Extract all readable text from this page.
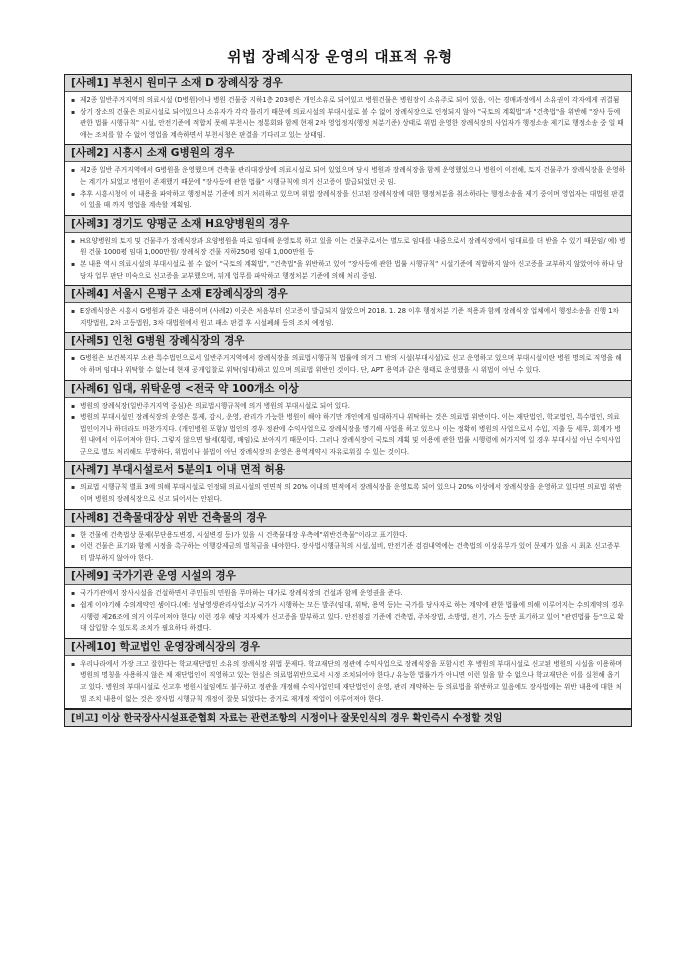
위법 장례식장 운영의 대표적 유형
[사례1] 부천시 원미구 소재 D 장례식장 경우
▪ 제2종 일반주거지역의 의료시설 (D병원)이나 병원 건물중 지하1층 203평은 개인소유로 되어있고 병원건물은 병원장이 소유주로 되어 있음, 이는 경매과정에서 소유권이 각자에게 귀결됨
▪ 상기 장소의 건물은 의료시설로 되어있으나 소유자가 각각 틀리기 때문에 의료시설의 부대시설로 볼 수 없어 장례식장으로 인정되지 않아 "국토의 계획법"과 "건축법"을 위반해 "장사 등에 관한 법률 시행규칙" 시설, 안전기준에 적합치 못해 부천시는 정통회와 함께 현재 2차 영업정지(행정 처분기준) 상태로 위법 운영한 장례식장의 사업자가 행정소송 제기로 행정소송 중 일 때에는 조치를 할 수 없어 영업을 계속하면서 부천시청은 판결을 기다리고 있는 상태임.
[사례2] 시흥시 소재 G병원의 경우
▪ 제2종 일반 주거지역에서 G병원을 운영했으며 건축물 관리대장상에 의료시설로 되어 있었으며 당시 병원과 장례식장을 함께 운영했었으나 병원이 이전해, 토지 건물주가 장례식장을 운영하는 계기가 되었고 병원이 존재했기 때문에 "장사등에 관한 법률" 시행규칙에 의거 신고증이 발급되었던 곳 임.
▪ 추후 시흥시청이 이 내용을 파악하고 행정처분 기준에 의거 처리하고 있으며 위법 장례식장을 신고된 장례식장에 대한 행정처분을 취소하라는 행정소송을 제기 중이며 영업자는 대법원 판결이 있을 때 까지 영업을 계속할 계획임.
[사례3] 경기도 양평군 소재 H요양병원의 경우
▪ H요양병원의 토지 및 건물주가 장례식장과 요양병원을 따로 임대해 운영토록 하고 있을 이는 건물주로서는 별도로 임대를 내줌으로서 장례식장에서 임대료를 더 받을 수 있기 때문임/ 예) 병원 건물 1000평 임대 1,000만원/ 장례식장 건물 지하250평 임대 1,000만원 등
▪ 본 내용 역시 의료시설의 부대시설로 볼 수 없어 "국토의 계획법", "건축법"을 위반하고 있어 "장사등에 관한 법률 시행규칙" 시설기준에 적합하지 않아 신고증을 교부하지 않았어야 하나 담당자 업무 판단 미숙으로 신고증을 교부했으며, 뒤게 업무를 파악하고 행정처분 기준에 의해 처리 중임.
[사례4] 서울시 은평구 소재 E장례식장의 경우
▪ E장례식장은 시흥시 G병원과 같은 내용이며 (사례2) 이곳은 처음부터 신고증이 발급되지 않았으며 2018. 1. 28 이후 행정처분 기준 적용과 함께 장례식장 업체에서 행정소송을 진행 1차 지방법원, 2차 고등법원, 3차 대법원에서 원고 패소 판결 후 시설폐쇄 등의 조치 예정임.
[사례5] 인천 G병원 장례식장의 경우
▪ G병원은 보건복지부 소관 특수법인으로서 일반주거지역에서 장례식장을 의료법시행규칙 법률에 의거 그 밖의 시설(부대시설)로 신고 운영하고 있으며 부대시설이란 병원 명의로 직영을 해야 하며 임대나 위탁할 수 없는데 현재 공개입찰로 위탁(임대)하고 있으며 의료법 위반인 것이다. 단, APT 용역과 같은 형태로 운영했을 시 위법이 아닌 수 있다.
[사례6] 임대, 위탁운영 <전국 약 100개소 이상
▪ 병원의 장례식장(일반주거지역 중심)은 의료법시행규칙에 의거 병원의 부대시설로 되어 있다.
▪ 병원의 부대시설인 장례식장의 운영은 통제, 감시, 운영, 관리가 가능한 병원이 해야 하기만 개인에게 임대하거나 위탁하는 것은 의료법 위반이다. 이는 재단법인, 학교법인, 특수법인, 의료법인이거나 하더라도 마찬가지다. (개인병원 포함)/ 법인의 경우 정관에 수익사업으로 장례식장을 명기해 사업을 하고 있으나 이는 정확히 병원의 사업으로서 수입, 지출 등 세무, 회계가 병원 내에서 이루어져야 한다. 그렇지 않으면 탈세(횡령, 배임)로 보아지기 때문이다. 그러나 장례식장이 국토의 계획 및 이용에 관한 법률 시행령에 허가지역 일 경우 부대시설 아닌 수익사업군으로 별도 처리해도 무방하다, 위법이나 불법이 아닌 장례식장의 운영은 용역계약시 자유로워질 수 있는 것이다.
[사례7] 부대시설로서 5분의1 이내 면적 허용
▪ 의료법 시행규칙 별표 3에 의해 부대시설로 인정돼 의료시설의 연면적 의 20% 이내의 면적에서 장례식장을 운영토록 되어 있으나 20% 이상에서 장례식장을 운영하고 있다면 의료법 위반이며 병원의 장례식장으로 신고 되어서는 안된다.
[사례8] 건축물대장상 위반 건축물의 경우
▪ 한 건물에 건축법상 문제(무단용도변경, 시설변경 등)가 있을 시 건축물대장 우측에"위반건축물"이라고 표기한다.
▪ 이런 건물은 표기와 함께 시정을 촉구하는 이행강제금의 벌칙금을 내야한다. 장사법시행규칙의 시설,설비, 안전기준 검검내역에는 건축법의 이상유무가 있어 문제가 있을 시 최초 신고증부터 발부하지 않아야 한다.
[사례9] 국가기관 운영 시설의 경우
▪ 국가기관에서 장사시설을 건설하면서 주민들의 민원을 무마하는 대가로 장례식장의 건설과 함께 운영권을 준다.
▪ 쉽게 이야기해 수의계약인 셈이다.(예: 성남영생관리사업소)/ 국가가 시행하는 모든 발주(임대, 위탁, 용역 등)는 국가를 당사자로 하는 계약에 관한 법률에 의해 이루어지는 수의계약의 경우 시행령 제26조에 의거 이루어져야 한다/ 이런 경우 해당 지자체가 신고증을 발부하고 있다. 안전점검 기준에 건축법, 주차장법, 소방법, 전기, 가스 등만 표기하고 있어 "관련법률 등"으로 확대 삽입할 수 있도록 조치가 필요하다 하겠다.
[사례10] 학교법인 운영장례식장의 경우
▪ 우리나라에서 가장 크고 잘한다는 학교재단법인 소유의 장례식장 위법 문제다. 학교재단의 정관에 수익사업으로 장례식장을 포함시킨 후 병원의 부대시설로 신고된 병원의 시설을 이용하며 병원의 명칭을 사용하지 않은 채 재단법인이 직영하고 있는 현실은 의료법위반으로서 시정 조치되어야 한다./ 유능한 법률가가 아니면 이런 일을 할 수 없으나 학교재단은 이를 실천해 옵기고 있다. 병원의 부대시설로 신고후 병원시설임에도 불구하고 정관을 개정해 수익사업인데 재단법인이 운영, 관리 계약하는 등 의료법을 위반하고 있음에도 장사법에는 위반 내용에 대한 처벌 조치 내용이 없는 것은 장사법 시행규칙 개정이 잘못 되었다는 증거로 재개정 작업이 이루어져야 한다.
[비고] 이상 한국장사시설표준협회 자료는 관련조항의 시정이나 잘못인식의 경우 확인즉시 수정할 것임
